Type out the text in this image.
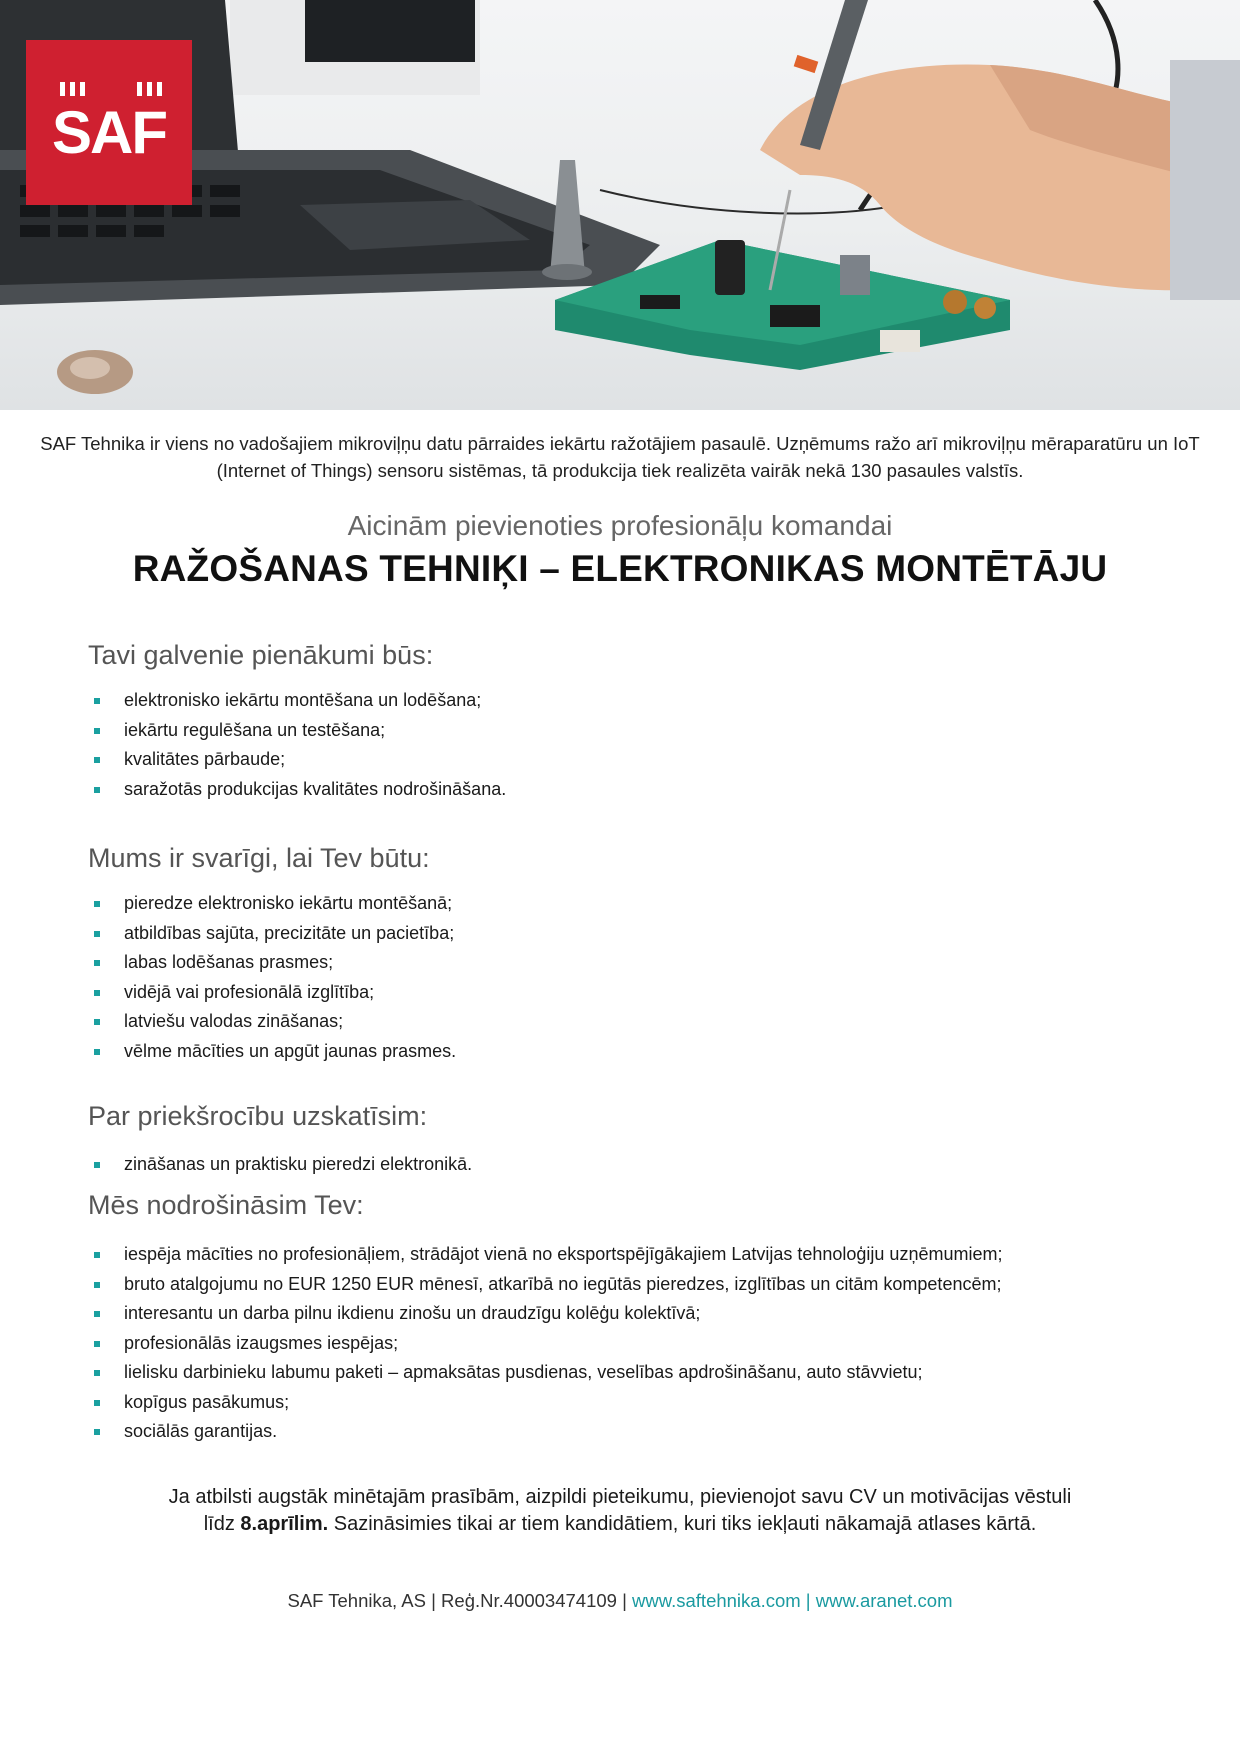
SAF
SAF Tehnika ir viens no vadošajiem mikroviļņu datu pārraides iekārtu ražotājiem pasaulē. Uzņēmums ražo arī mikroviļņu mēraparatūru un IoT (Internet of Things) sensoru sistēmas, tā produkcija tiek realizēta vairāk nekā 130 pasaules valstīs.
Aicinām pievienoties profesionāļu komandai
RAŽOŠANAS TEHNIĶI – ELEKTRONIKAS MONTĒTĀJU
Tavi galvenie pienākumi būs:
elektronisko iekārtu montēšana un lodēšana;
iekārtu regulēšana un testēšana;
kvalitātes pārbaude;
saražotās produkcijas kvalitātes nodrošināšana.
Mums ir svarīgi, lai Tev būtu:
pieredze elektronisko iekārtu montēšanā;
atbildības sajūta, precizitāte un pacietība;
labas lodēšanas prasmes;
vidējā vai profesionālā izglītība;
latviešu valodas zināšanas;
vēlme mācīties un apgūt jaunas prasmes.
Par priekšrocību uzskatīsim:
zināšanas un praktisku pieredzi elektronikā.
Mēs nodrošināsim Tev:
iespēja mācīties no profesionāļiem, strādājot vienā no eksportspējīgākajiem Latvijas tehnoloģiju uzņēmumiem;
bruto atalgojumu no EUR 1250 EUR mēnesī, atkarībā no iegūtās pieredzes, izglītības un citām kompetencēm;
interesantu un darba pilnu ikdienu zinošu un draudzīgu kolēģu kolektīvā;
profesionālās izaugsmes iespējas;
lielisku darbinieku labumu paketi – apmaksātas pusdienas, veselības apdrošināšanu, auto stāvvietu;
kopīgus pasākumus;
sociālās garantijas.
Ja atbilsti augstāk minētajām prasībām, aizpildi pieteikumu, pievienojot savu CV un motivācijas vēstuli
līdz 8.aprīlim. Sazināsimies tikai ar tiem kandidātiem, kuri tiks iekļauti nākamajā atlases kārtā.
SAF Tehnika, AS | Reģ.Nr.40003474109 | www.saftehnika.com | www.aranet.com
